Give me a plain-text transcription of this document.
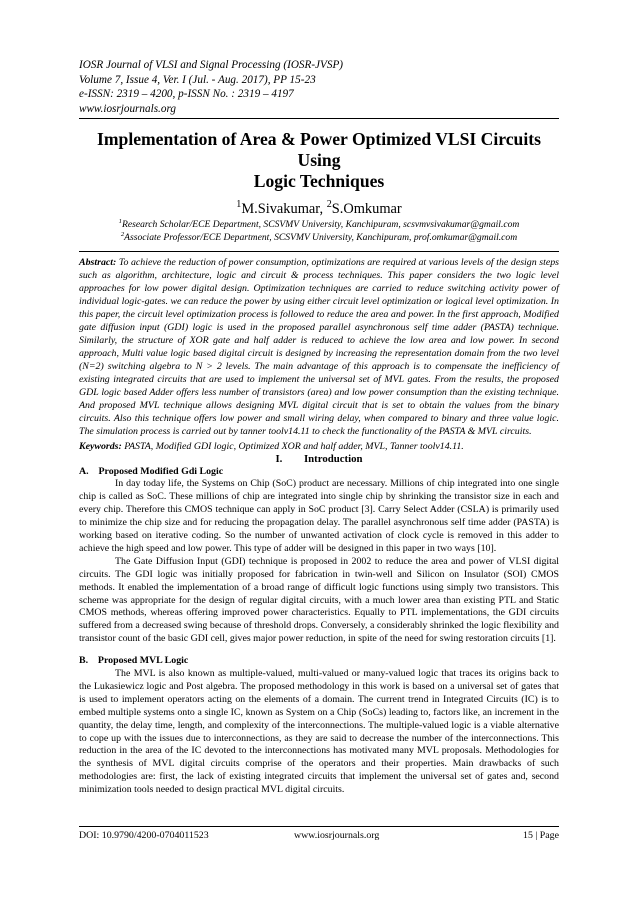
IOSR Journal of VLSI and Signal Processing (IOSR-JVSP)
Volume 7, Issue 4, Ver. I (Jul. - Aug. 2017), PP 15-23
e-ISSN: 2319 – 4200, p-ISSN No. : 2319 – 4197
www.iosrjournals.org
Implementation of Area & Power Optimized VLSI Circuits Using
Logic Techniques
$^1$M.Sivakumar, $^2$S.Omkumar
$^1$Research Scholar/ECE Department, SCSVMV University, Kanchipuram, scsvmvsivakumar@gmail.com
$^2$Associate Professor/ECE Department, SCSVMV University, Kanchipuram, prof.omkumar@gmail.com
Abstract: To achieve the reduction of power consumption, optimizations are required at various levels of the design steps such as algorithm, architecture, logic and circuit & process techniques. This paper considers the two logic level approaches for low power digital design. Optimization techniques are carried to reduce switching activity power of individual logic-gates. we can reduce the power by using either circuit level optimization or logical level optimization. In this paper, the circuit level optimization process is followed to reduce the area and power. In the first approach, Modified gate diffusion input (GDI) logic is used in the proposed parallel asynchronous self time adder (PASTA) technique. Similarly, the structure of XOR gate and half adder is reduced to achieve the low area and low power. In second approach, Multi value logic based digital circuit is designed by increasing the representation domain from the two level (N=2) switching algebra to N > 2 levels. The main advantage of this approach is to compensate the inefficiency of existing integrated circuits that are used to implement the universal set of MVL gates. From the results, the proposed GDL logic based Adder offers less number of transistors (area) and low power consumption than the existing technique. And proposed MVL technique allows designing MVL digital circuit that is set to obtain the values from the binary circuits. Also this technique offers low power and small wiring delay, when compared to binary and three value logic. The simulation process is carried out by tanner toolv14.11 to check the functionality of the PASTA & MVL circuits.
Keywords: PASTA, Modified GDI logic, Optimized XOR and half adder, MVL, Tanner toolv14.11.
I.  Introduction
A. Proposed Modified Gdi Logic

In day today life, the Systems on Chip (SoC) product are necessary. Millions of chip integrated into one single chip is called as SoC. These millions of chip are integrated into single chip by shrinking the transistor size in each and every chip. Therefore this CMOS technique can apply in SoC product [3]. Carry Select Adder (CSLA) is primarily used to minimize the chip size and for reducing the propagation delay. The parallel asynchronous self time adder (PASTA) is working based on iterative coding. So the number of unwanted activation of clock cycle is removed in this adder to achieve the high speed and low power. This type of adder will be designed in this paper in two ways [10].

The Gate Diffusion Input (GDI) technique is proposed in 2002 to reduce the area and power of VLSI digital circuits. The GDI logic was initially proposed for fabrication in twin-well and Silicon on Insulator (SOI) CMOS methods. It enabled the implementation of a broad range of difficult logic functions using simply two transistors. This scheme was appropriate for the design of regular digital circuits, with a much lower area than existing PTL and Static CMOS methods, whereas offering improved power characteristics. Equally to PTL implementations, the GDI circuits suffered from a decreased swing because of threshold drops. Conversely, a considerably shrinked the logic flexibility and transistor count of the basic GDI cell, gives major power reduction, in spite of the need for swing restoration circuits [1].

B. Proposed MVL Logic

The MVL is also known as multiple-valued, multi-valued or many-valued logic that traces its origins back to the Lukasiewicz logic and Post algebra. The proposed methodology in this work is based on a universal set of gates that is used to implement operators acting on the elements of a domain. The current trend in Integrated Circuits (IC) is to embed multiple systems onto a single IC, known as System on a Chip (SoCs) leading to, factors like, an increment in the quantity, the delay time, length, and complexity of the interconnections. The multiple-valued logic is a viable alternative to cope up with the issues due to interconnections, as they are said to decrease the number of the interconnections. This reduction in the area of the IC devoted to the interconnections has motivated many MVL proposals. Methodologies for the synthesis of MVL digital circuits comprise of the operators and their properties. Main drawbacks of such methodologies are: first, the lack of existing integrated circuits that implement the universal set of gates and, second minimization tools needed to design practical MVL digital circuits.

DOI: 10.9790/4200-0704011523	www.iosrjournals.org	15 | Page
